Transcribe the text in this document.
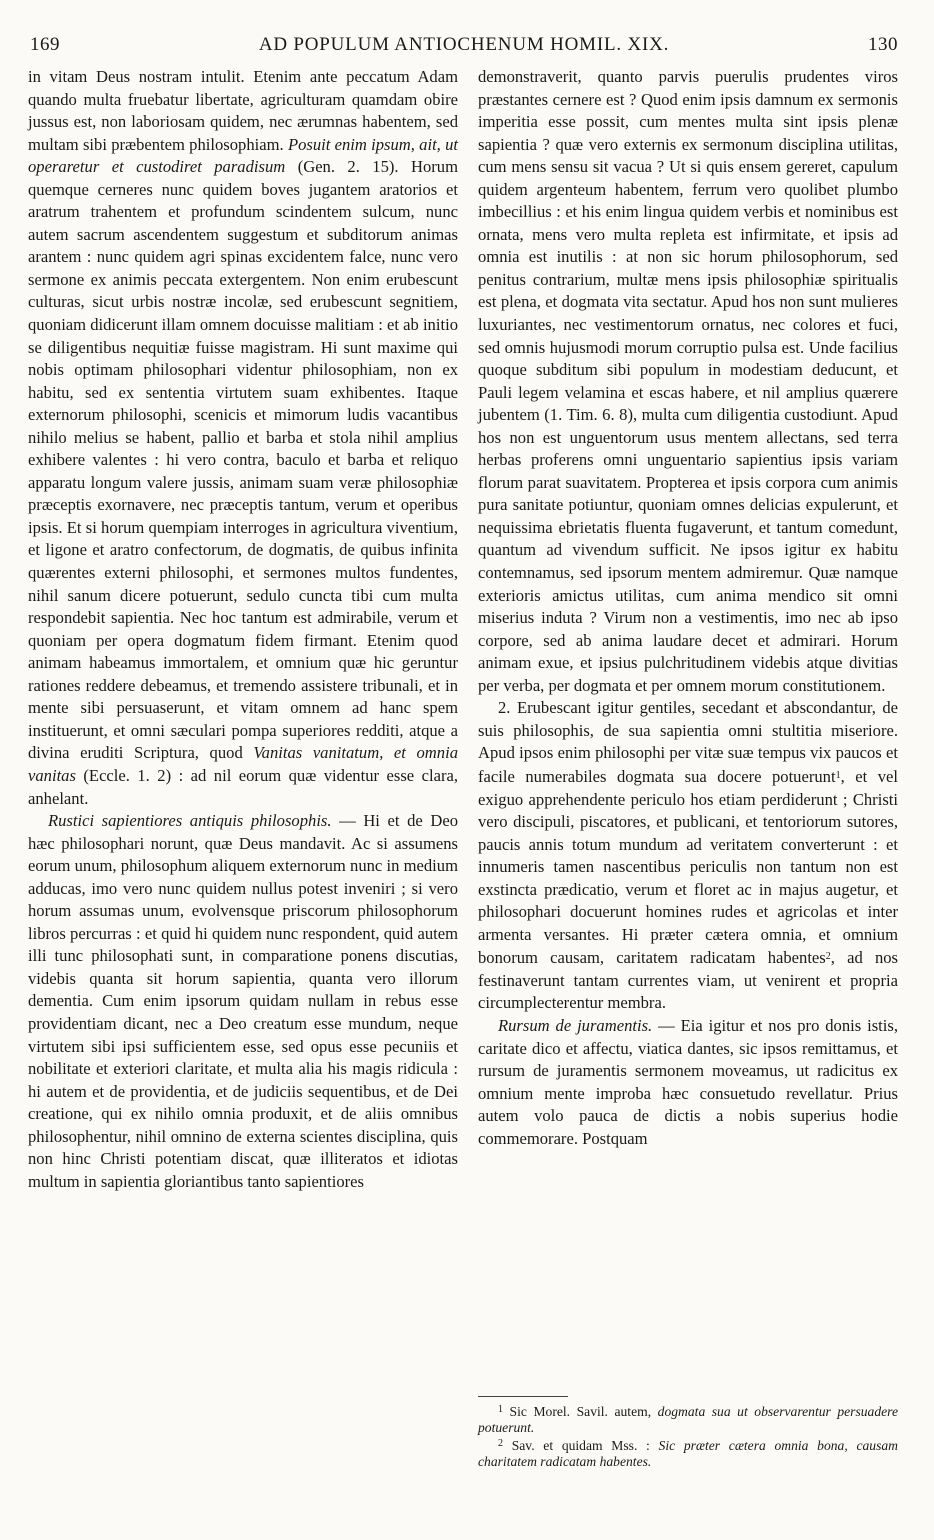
169	AD POPULUM ANTIOCHENUM HOMIL. XIX.	130

in vitam Deus nostram intulit. Etenim ante peccatum Adam quando multa fruebatur libertate, agriculturam quamdam obire jussus est, non laboriosam quidem, nec ærumnas habentem, sed multam sibi præbentem philosophiam. Posuit enim ipsum, ait, ut operaretur et custodiret paradisum (Gen. 2. 15). Horum quemque cerneres nunc quidem boves jugantem aratorios et aratrum trahentem et profundum scindentem sulcum, nunc autem sacrum ascendentem suggestum et subditorum animas arantem : nunc quidem agri spinas excidentem falce, nunc vero sermone ex animis peccata extergentem. Non enim erubescunt culturas, sicut urbis nostræ incolæ, sed erubescunt segnitiem, quoniam didicerunt illam omnem docuisse malitiam : et ab initio se diligentibus nequitiæ fuisse magistram. Hi sunt maxime qui nobis optimam philosophari videntur philosophiam, non ex habitu, sed ex sententia virtutem suam exhibentes. Itaque externorum philosophi, scenicis et mimorum ludis vacantibus nihilo melius se habent, pallio et barba et stola nihil amplius exhibere valentes : hi vero contra, baculo et barba et reliquo apparatu longum valere jussis, animam suam veræ philosophiæ præceptis exornavere, nec præceptis tantum, verum et operibus ipsis. Et si horum quempiam interroges in agricultura viventium, et ligone et aratro confectorum, de dogmatis, de quibus infinita quærentes externi philosophi, et sermones multos fundentes, nihil sanum dicere potuerunt, sedulo cuncta tibi cum multa respondebit sapientia. Nec hoc tantum est admirabile, verum et quoniam per opera dogmatum fidem firmant. Etenim quod animam habeamus immortalem, et omnium quæ hic geruntur rationes reddere debeamus, et tremendo assistere tribunali, et in mente sibi persuaserunt, et vitam omnem ad hanc spem instituerunt, et omni sæculari pompa superiores redditi, atque a divina eruditi Scriptura, quod Vanitas vanitatum, et omnia vanitas (Eccle. 1. 2) : ad nil eorum quæ videntur esse clara, anhelant.

Rustici sapientiores antiquis philosophis. — Hi et de Deo hæc philosophari norunt, quæ Deus mandavit. Ac si assumens eorum unum, philosophum aliquem externorum nunc in medium adducas, imo vero nunc quidem nullus potest inveniri ; si vero horum assumas unum, evolvensque priscorum philosophorum libros percurras : et quid hi quidem nunc respondent, quid autem illi tunc philosophati sunt, in comparatione ponens discutias, videbis quanta sit horum sapientia, quanta vero illorum dementia. Cum enim ipsorum quidam nullam in rebus esse providentiam dicant, nec a Deo creatum esse mundum, neque virtutem sibi ipsi sufficientem esse, sed opus esse pecuniis et nobilitate et exteriori claritate, et multa alia his magis ridicula : hi autem et de providentia, et de judiciis sequentibus, et de Dei creatione, qui ex nihilo omnia produxit, et de aliis omnibus philosophentur, nihil omnino de externa scientes disciplina, quis non hinc Christi potentiam discat, quæ illiteratos et idiotas multum in sapientia gloriantibus tanto sapientiores

demonstraverit, quanto parvis puerulis prudentes viros præstantes cernere est ? Quod enim ipsis damnum ex sermonis imperitia esse possit, cum mentes multa sint ipsis plenæ sapientia ? quæ vero externis ex sermonum disciplina utilitas, cum mens sensu sit vacua ? Ut si quis ensem gereret, capulum quidem argenteum habentem, ferrum vero quolibet plumbo imbecillius : et his enim lingua quidem verbis et nominibus est ornata, mens vero multa repleta est infirmitate, et ipsis ad omnia est inutilis : at non sic horum philosophorum, sed penitus contrarium, multæ mens ipsis philosophiæ spiritualis est plena, et dogmata vita sectatur. Apud hos non sunt mulieres luxuriantes, nec vestimentorum ornatus, nec colores et fuci, sed omnis hujusmodi morum corruptio pulsa est. Unde facilius quoque subditum sibi populum in modestiam deducunt, et Pauli legem velamina et escas habere, et nil amplius quærere jubentem (1. Tim. 6. 8), multa cum diligentia custodiunt. Apud hos non est unguentorum usus mentem allectans, sed terra herbas proferens omni unguentario sapientius ipsis variam florum parat suavitatem. Propterea et ipsis corpora cum animis pura sanitate potiuntur, quoniam omnes delicias expulerunt, et nequissima ebrietatis fluenta fugaverunt, et tantum comedunt, quantum ad vivendum sufficit. Ne ipsos igitur ex habitu contemnamus, sed ipsorum mentem admiremur. Quæ namque exterioris amictus utilitas, cum anima mendico sit omni miserius induta ? Virum non a vestimentis, imo nec ab ipso corpore, sed ab anima laudare decet et admirari. Horum animam exue, et ipsius pulchritudinem videbis atque divitias per verba, per dogmata et per omnem morum constitutionem.

2. Erubescant igitur gentiles, secedant et abscondantur, de suis philosophis, de sua sapientia omni stultitia miseriore. Apud ipsos enim philosophi per vitæ suæ tempus vix paucos et facile numerabiles dogmata sua docere potuerunt$^1$, et vel exiguo apprehendente periculo hos etiam perdiderunt ; Christi vero discipuli, piscatores, et publicani, et tentoriorum sutores, paucis annis totum mundum ad veritatem converterunt : et innumeris tamen nascentibus periculis non tantum non est exstincta prædicatio, verum et floret ac in majus augetur, et philosophari docuerunt homines rudes et agricolas et inter armenta versantes. Hi præter cætera omnia, et omnium bonorum causam, caritatem radicatam habentes$^2$, ad nos festinaverunt tantam currentes viam, ut venirent et propria circumplecterentur membra.

Rursum de juramentis. — Eia igitur et nos pro donis istis, caritate dico et affectu, viatica dantes, sic ipsos remittamus, et rursum de juramentis sermonem moveamus, ut radicitus ex omnium mente improba hæc consuetudo revellatur. Prius autem volo pauca de dictis a nobis superius hodie commemorare. Postquam

$^1$ Sic Morel. Savil. autem, dogmata sua ut observarentur persuadere potuerunt.

$^2$ Sav. et quidam Mss. : Sic præter cætera omnia bona, causam charitatem radicatam habentes.
